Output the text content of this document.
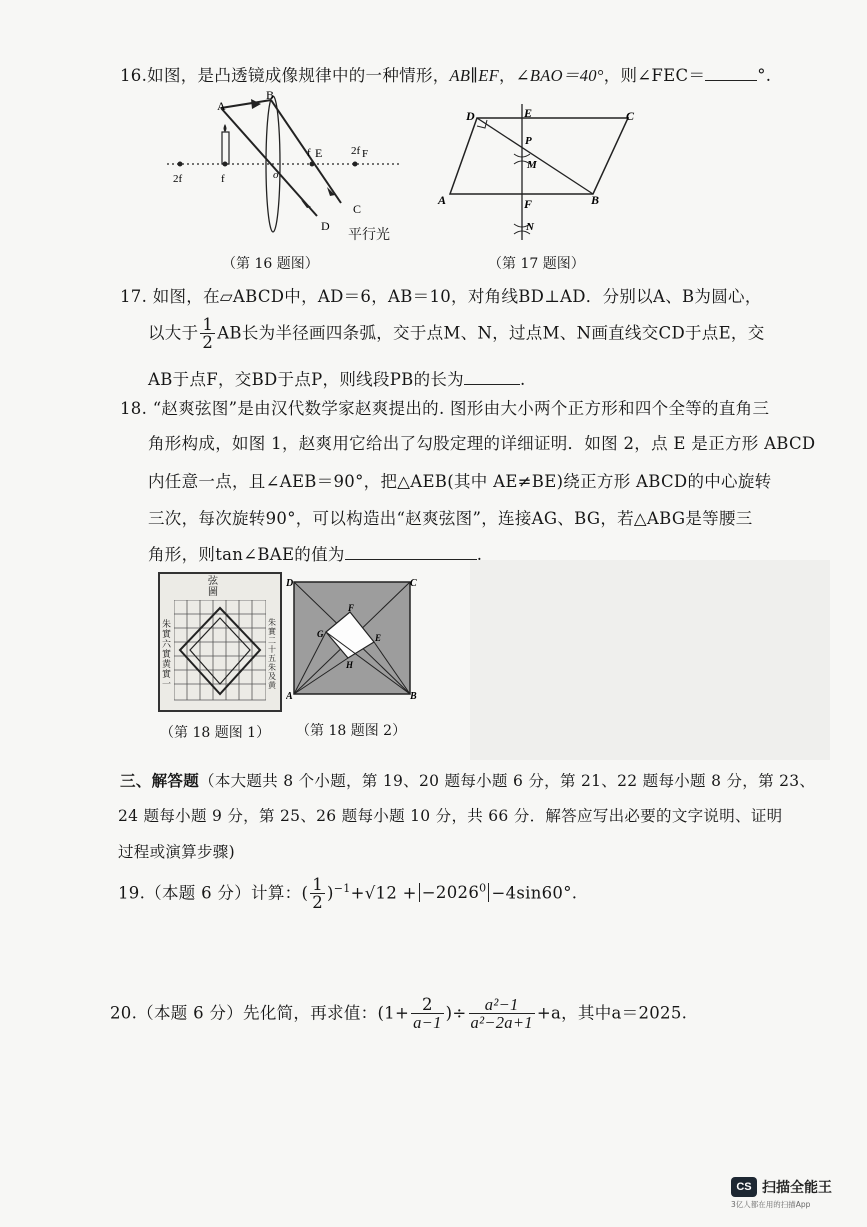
16.如图，是凸透镜成像规律中的一种情形，AB∥EF，∠BAO＝40°，则∠FEC＝	°.
A
B
o
f E	2f F
2f	f
C
D
平行光
（第 16 题图）
D	E	C
P
M
A	F	B
N
（第 17 题图）
17. 如图，在▱ABCD中，AD＝6，AB＝10，对角线BD⊥AD．分别以A、B为圆心，
以大于 $\frac{1}{2}$ AB长为半径画四条弧，交于点M、N，过点M、N画直线交CD于点E，交
AB于点F，交BD于点P，则线段PB的长为	.
18. “赵爽弦图”是由汉代数学家赵爽提出的. 图形由大小两个正方形和四个全等的直角三
角形构成，如图 1，赵爽用它给出了勾股定理的详细证明．如图 2，点 E 是正方形 ABCD
内任意一点，且∠AEB＝90°，把△AEB(其中 AE≠BE)绕正方形 ABCD的中心旋转
三次，每次旋转90°，可以构造出“赵爽弦图”，连接AG、BG，若△ABG是等腰三
角形，则tan∠BAE的值为	.
弦圖
朱實六實黄實一
朱實二十五朱及黄
（第 18 题图 1）
D	C
A	B
F
G	E
H
（第 18 题图 2）
三、解答题（本大题共 8 个小题，第 19、20 题每小题 6 分，第 21、22 题每小题 8 分，第 23、
24 题每小题 9 分，第 25、26 题每小题 10 分，共 66 分．解答应写出必要的文字说明、证明
过程或演算步骤)
19.（本题 6 分）计算：( $\frac{1}{2} )^{-1}+√12 + -2026^0 -4\sin 60^\circ$.
20.（本题 6 分）先化简，再求值：($1+ \frac{2}{a-1}$ )÷ $\frac{\text{a²−1}}{\text{a²−2a+1}} +a$，其中a＝2025.
CS 扫描全能王
3亿人都在用的扫描App
